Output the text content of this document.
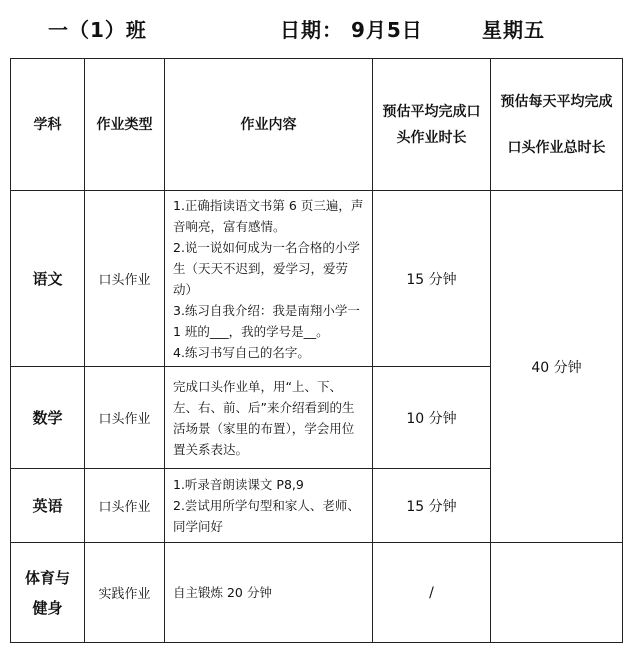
一（1）班	日期： 9月5日	星期五
学科	作业类型	作业内容	预估平均完成口头作业时长	预估每天平均完成口头作业总时长
语文	口头作业	1.正确指读语文书第 6 页三遍，声音响亮，富有感情。
2.说一说如何成为一名合格的小学生（天天不迟到，爱学习，爱劳动）
3.练习自我介绍：我是南翔小学一 1 班的___，我的学号是__。
4.练习书写自己的名字。	15 分钟	40 分钟
数学	口头作业	完成口头作业单，用“上、下、左、右、前、后”来介绍看到的生活场景（家里的布置），学会用位置关系表达。	10 分钟	
英语	口头作业	1.听录音朗读课文 P8,9
2.尝试用所学句型和家人、老师、同学问好	15 分钟	
体育与健身	实践作业	自主锻炼 20 分钟	/	
